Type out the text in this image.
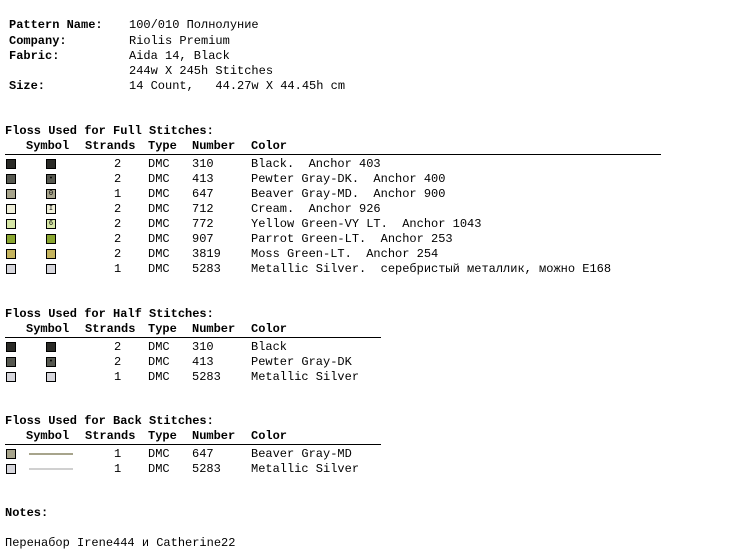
Pattern Name: 100/010 Полнолуние
Company:	Riolis Premium
Fabric:	Aida 14, Black
244w X 245h Stitches
Size:	14 Count,   44.27w X 44.45h cm
Floss Used for Full Stitches:
Symbol Strands Type Number Color
2 DMC 310	Black.  Anchor 403
•	2 DMC 413	Pewter Gray-DK.  Anchor 400
0	1 DMC 647	Beaver Gray-MD.  Anchor 900
I	2 DMC 712	Cream.  Anchor 926
6	2 DMC 772	Yellow Green-VY LT.  Anchor 1043
2 DMC 907	Parrot Green-LT.  Anchor 253
2 DMC 3819	Moss Green-LT.  Anchor 254
1 DMC 5283	Metallic Silver.  серебристый металлик, можно E168
Floss Used for Half Stitches:
Symbol Strands Type Number Color
2 DMC 310	Black
•	2 DMC 413	Pewter Gray-DK
1 DMC 5283	Metallic Silver
Floss Used for Back Stitches:
Symbol Strands Type Number Color
1 DMC 647	Beaver Gray-MD
1 DMC 5283	Metallic Silver
Notes:
Перенабор Irene444 и Catherine22
